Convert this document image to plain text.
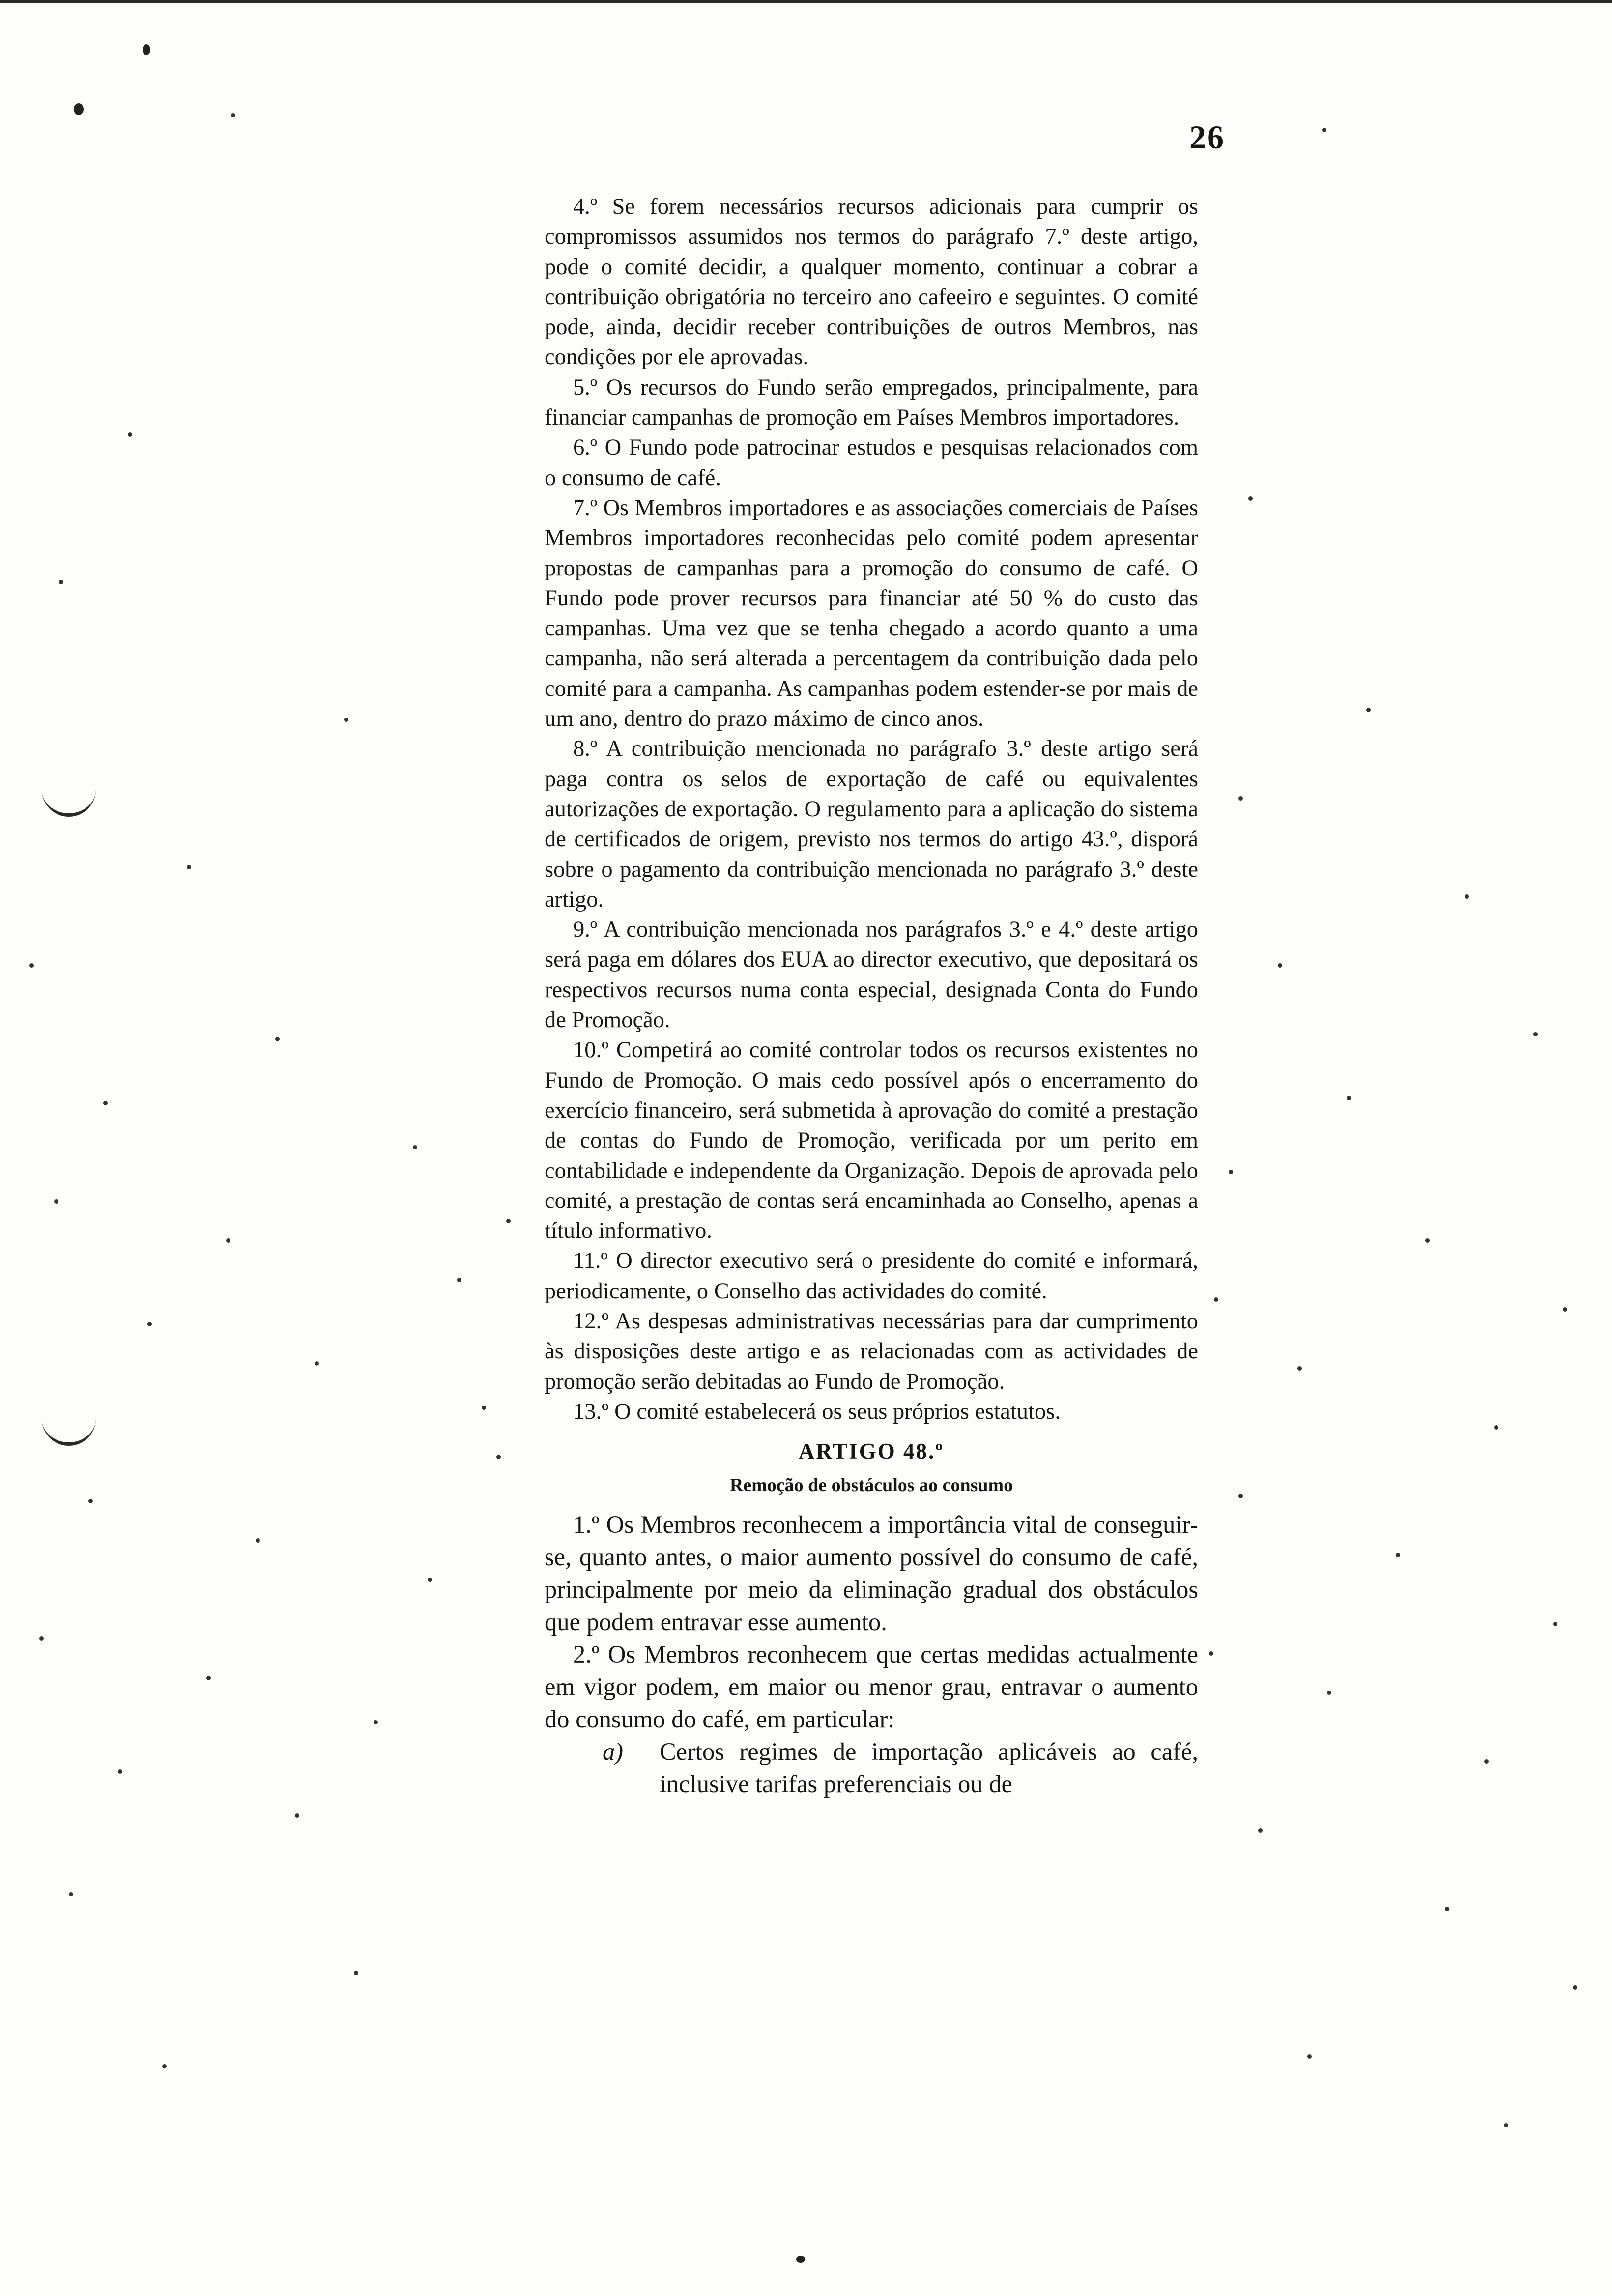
26

4.º Se forem necessários recursos adicionais para cumprir os compromissos assumidos nos termos do parágrafo 7.º deste artigo, pode o comité decidir, a qualquer momento, continuar a cobrar a contribuição obrigatória no terceiro ano cafeeiro e seguintes. O comité pode, ainda, decidir receber contribuições de outros Membros, nas condições por ele aprovadas.

5.º Os recursos do Fundo serão empregados, principalmente, para financiar campanhas de promoção em Países Membros importadores.

6.º O Fundo pode patrocinar estudos e pesquisas relacionados com o consumo de café.

7.º Os Membros importadores e as associações comerciais de Países Membros importadores reconhecidas pelo comité podem apresentar propostas de campanhas para a promoção do consumo de café. O Fundo pode prover recursos para financiar até 50 % do custo das campanhas. Uma vez que se tenha chegado a acordo quanto a uma campanha, não será alterada a percentagem da contribuição dada pelo comité para a campanha. As campanhas podem estender-se por mais de um ano, dentro do prazo máximo de cinco anos.

8.º A contribuição mencionada no parágrafo 3.º deste artigo será paga contra os selos de exportação de café ou equivalentes autorizações de exportação. O regulamento para a aplicação do sistema de certificados de origem, previsto nos termos do artigo 43.º, disporá sobre o pagamento da contribuição mencionada no parágrafo 3.º deste artigo.

9.º A contribuição mencionada nos parágrafos 3.º e 4.º deste artigo será paga em dólares dos EUA ao director executivo, que depositará os respectivos recursos numa conta especial, designada Conta do Fundo de Promoção.

10.º Competirá ao comité controlar todos os recursos existentes no Fundo de Promoção. O mais cedo possível após o encerramento do exercício financeiro, será submetida à aprovação do comité a prestação de contas do Fundo de Promoção, verificada por um perito em contabilidade e independente da Organização. Depois de aprovada pelo comité, a prestação de contas será encaminhada ao Conselho, apenas a título informativo.

11.º O director executivo será o presidente do comité e informará, periodicamente, o Conselho das actividades do comité.

12.º As despesas administrativas necessárias para dar cumprimento às disposições deste artigo e as relacionadas com as actividades de promoção serão debitadas ao Fundo de Promoção.

13.º O comité estabelecerá os seus próprios estatutos.

ARTIGO 48.º
Remoção de obstáculos ao consumo

1.º Os Membros reconhecem a importância vital de conseguir-se, quanto antes, o maior aumento possível do consumo de café, principalmente por meio da eliminação gradual dos obstáculos que podem entravar esse aumento.

2.º Os Membros reconhecem que certas medidas actualmente em vigor podem, em maior ou menor grau, entravar o aumento do consumo do café, em particular:

a) Certos regimes de importação aplicáveis ao café, inclusive tarifas preferenciais ou de
